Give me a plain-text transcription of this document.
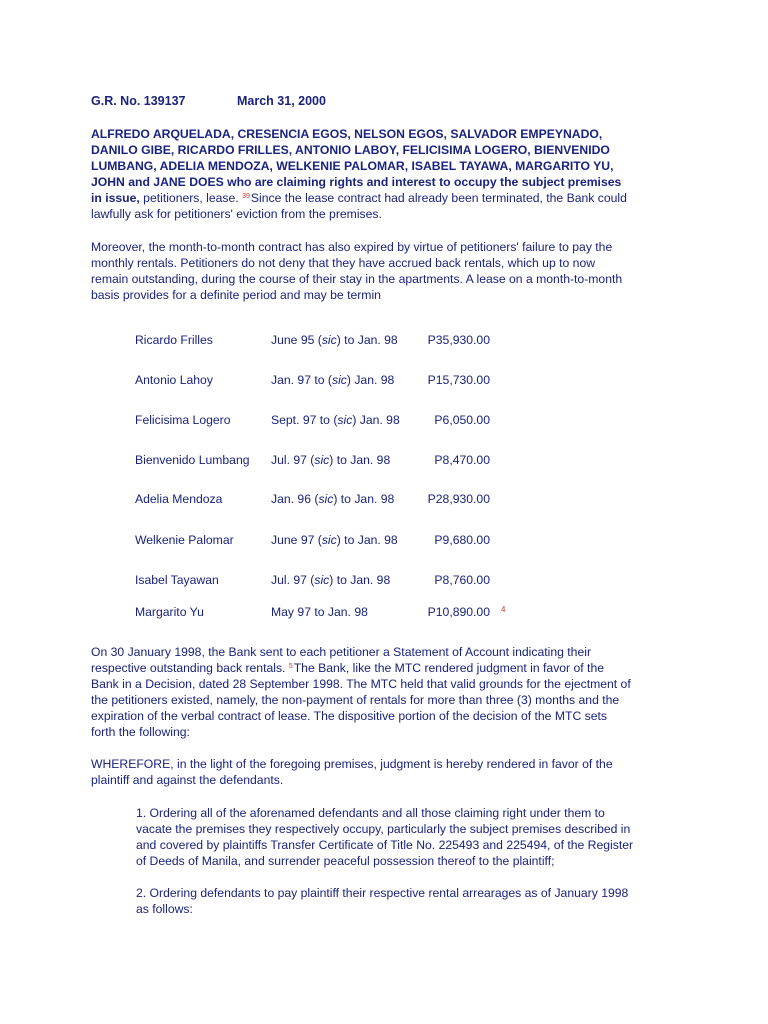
G.R. No. 139137	March 31, 2000
ALFREDO ARQUELADA, CRESENCIA EGOS, NELSON EGOS, SALVADOR EMPEYNADO,
DANILO GIBE, RICARDO FRILLES, ANTONIO LABOY, FELICISIMA LOGERO, BIENVENIDO
LUMBANG, ADELIA MENDOZA, WELKENIE PALOMAR, ISABEL TAYAWA, MARGARITO YU,
JOHN and JANE DOES who are claiming rights and interest to occupy the subject premises
in issue, petitioners, lease. $^{39}$Since the lease contract had already been terminated, the Bank could
lawfully ask for petitioners' eviction from the premises.
Moreover, the month-to-month contract has also expired by virtue of petitioners' failure to pay the
monthly rentals. Petitioners do not deny that they have accrued back rentals, which up to now
remain outstanding, during the course of their stay in the apartments. A lease on a month-to-month
basis provides for a definite period and may be termin
Ricardo Frilles	June 95 (sic) to Jan. 98	P35,930.00
Antonio Lahoy	Jan. 97 to (sic) Jan. 98	P15,730.00
Felicisima Logero	Sept. 97 to (sic) Jan. 98	P6,050.00
Bienvenido Lumbang Jul. 97 (sic) to Jan. 98	P8,470.00
Adelia Mendoza	Jan. 96 (sic) to Jan. 98	P28,930.00
Welkenie Palomar	June 97 (sic) to Jan. 98	P9,680.00
Isabel Tayawan	Jul. 97 (sic) to Jan. 98	P8,760.00
Margarito Yu	May 97 to Jan. 98	P10,890.00 4
On 30 January 1998, the Bank sent to each petitioner a Statement of Account indicating their
respective outstanding back rentals. $^5$The Bank, like the MTC rendered judgment in favor of the
Bank in a Decision, dated 28 September 1998. The MTC held that valid grounds for the ejectment of
the petitioners existed, namely, the non-payment of rentals for more than three (3) months and the
expiration of the verbal contract of lease. The dispositive portion of the decision of the MTC sets
forth the following:
WHEREFORE, in the light of the foregoing premises, judgment is hereby rendered in favor of the
plaintiff and against the defendants.
1. Ordering all of the aforenamed defendants and all those claiming right under them to
vacate the premises they respectively occupy, particularly the subject premises described in
and covered by plaintiffs Transfer Certificate of Title No. 225493 and 225494, of the Register
of Deeds of Manila, and surrender peaceful possession thereof to the plaintiff;
2. Ordering defendants to pay plaintiff their respective rental arrearages as of January 1998
as follows:
